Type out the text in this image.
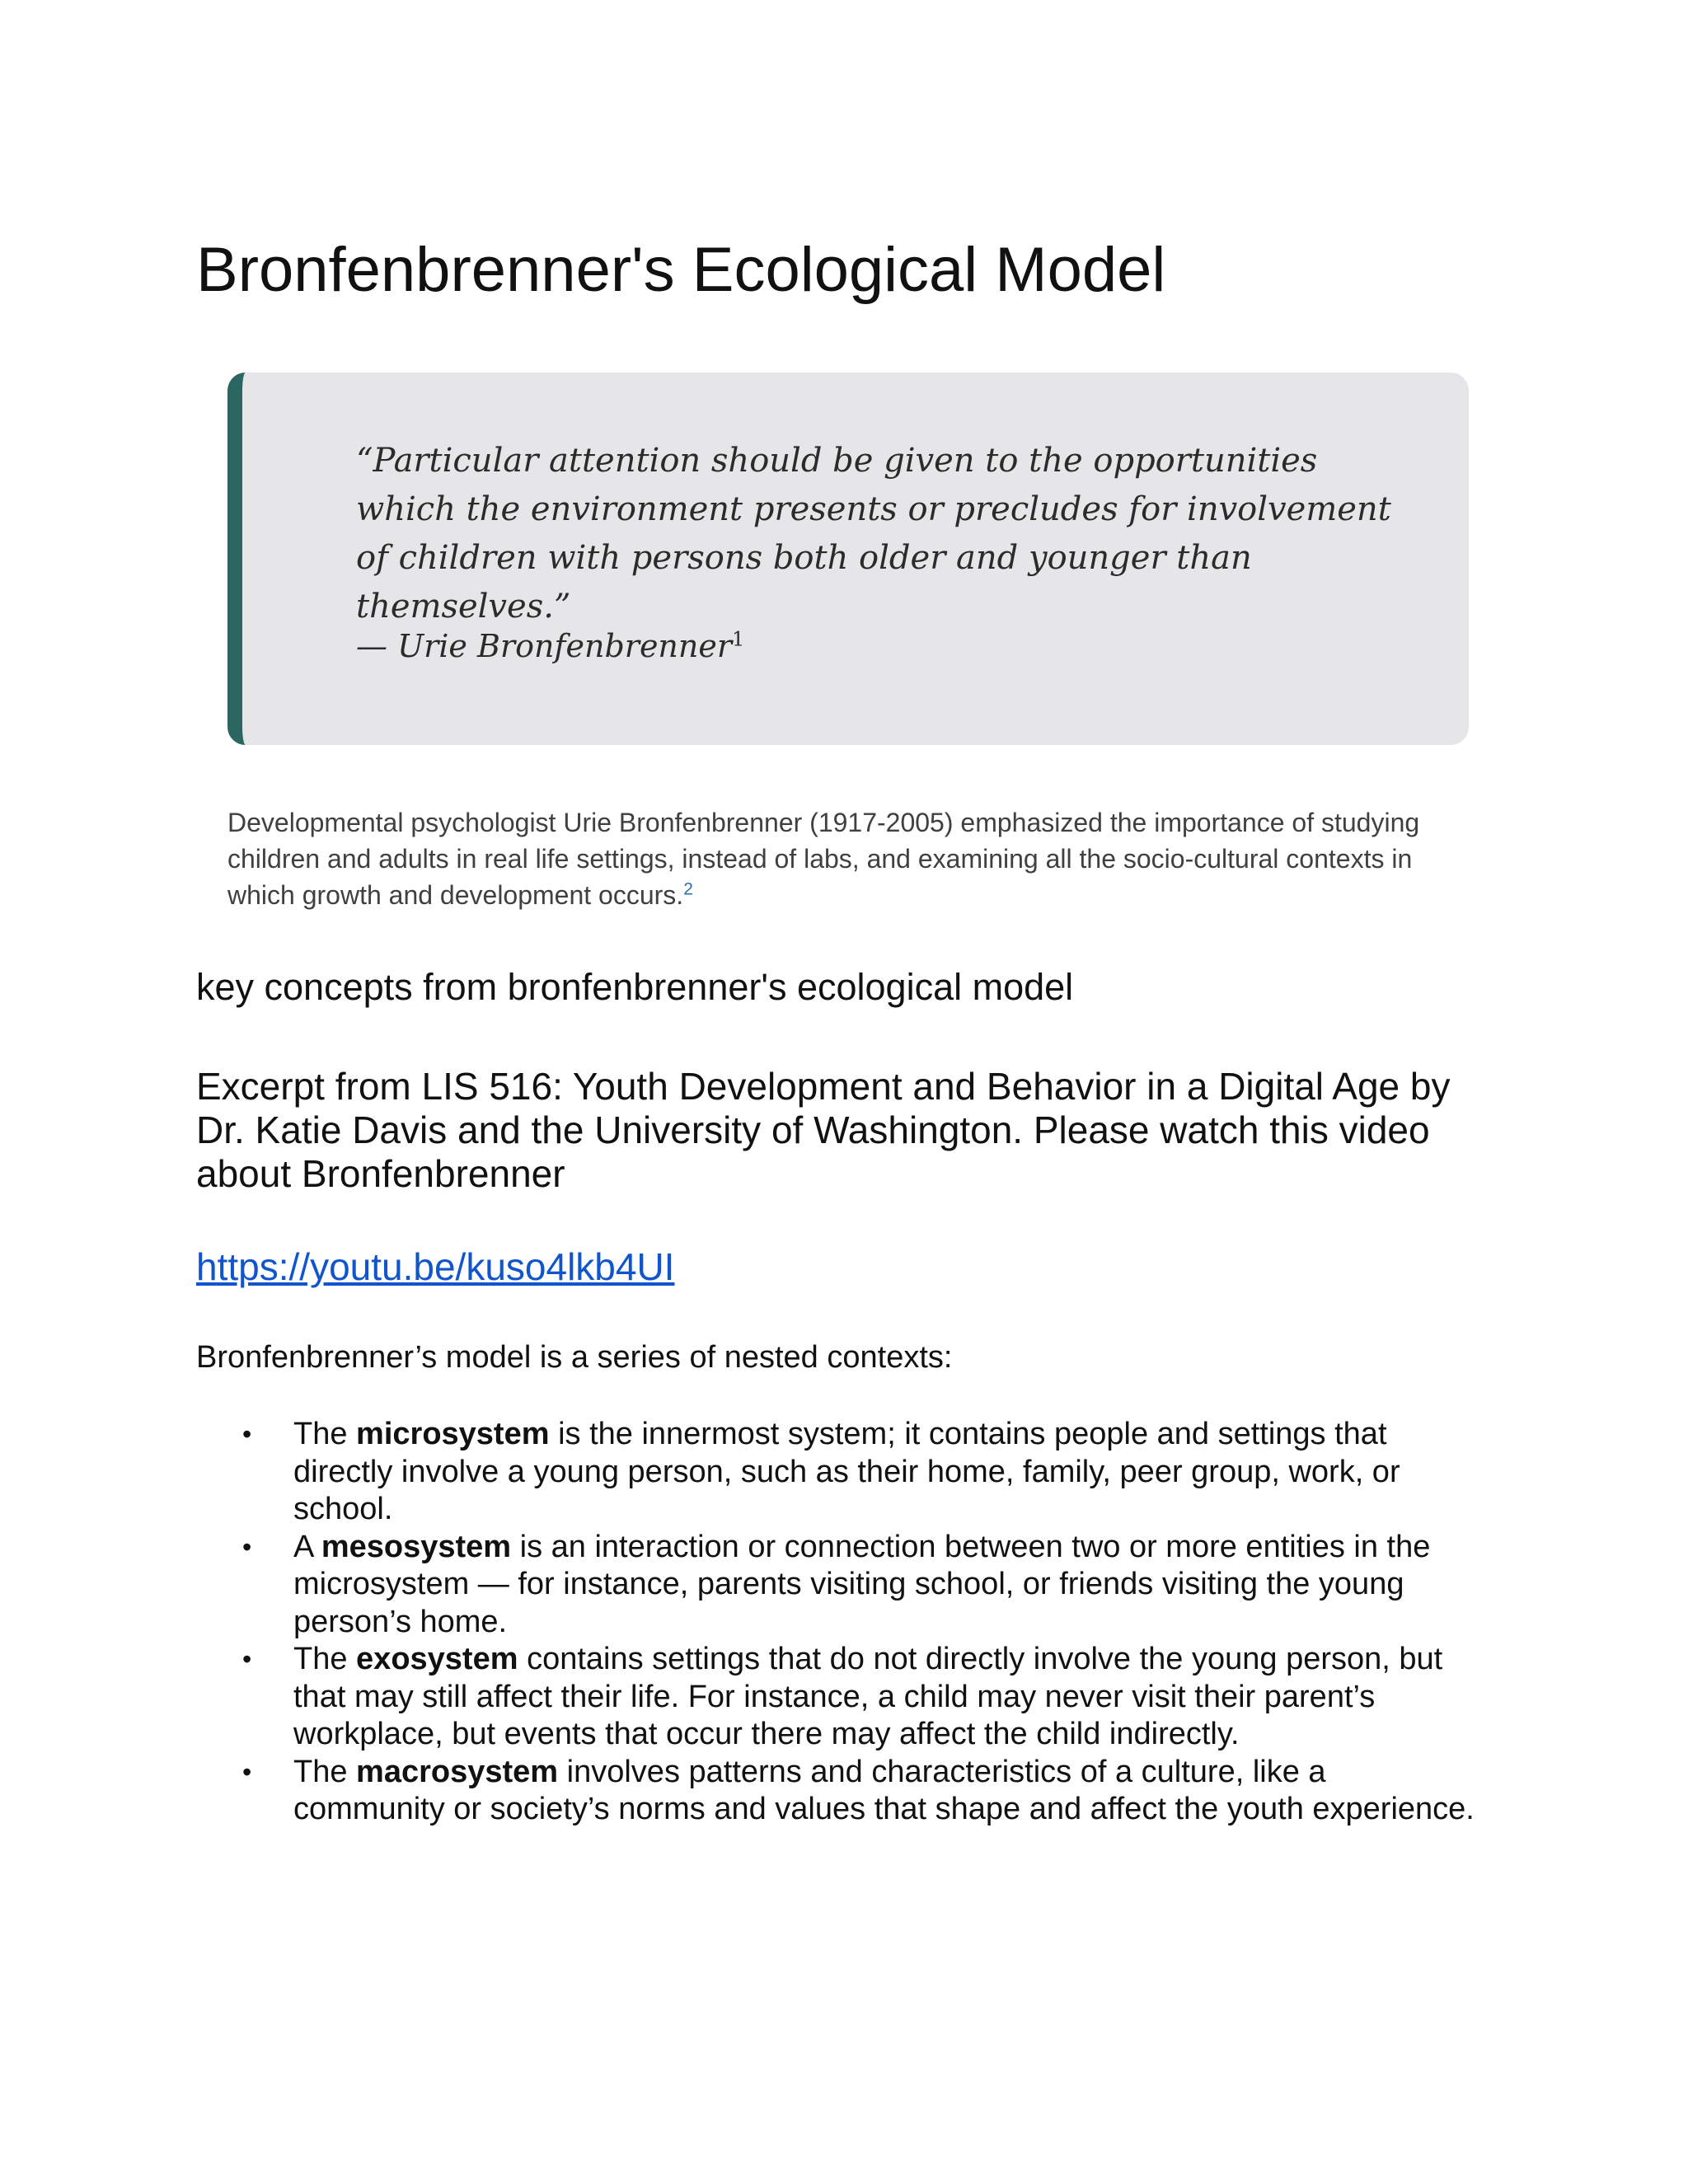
Bronfenbrenner's Ecological Model

“Particular attention should be given to the opportunities which the environment presents or precludes for involvement of children with persons both older and younger than themselves.”

— Urie Bronfenbrenner$^1$

Developmental psychologist Urie Bronfenbrenner (1917-2005) emphasized the importance of studying children and adults in real life settings, instead of labs, and examining all the socio-cultural contexts in which growth and development occurs.$^2$

key concepts from bronfenbrenner's ecological model

Excerpt from LIS 516: Youth Development and Behavior in a Digital Age by Dr. Katie Davis and the University of Washington. Please watch this video about Bronfenbrenner

https://youtu.be/kuso4lkb4UI

Bronfenbrenner’s model is a series of nested contexts:

• The microsystem is the innermost system; it contains people and settings that directly involve a young person, such as their home, family, peer group, work, or school.
• A mesosystem is an interaction or connection between two or more entities in the microsystem — for instance, parents visiting school, or friends visiting the young person’s home.
• The exosystem contains settings that do not directly involve the young person, but that may still affect their life. For instance, a child may never visit their parent’s workplace, but events that occur there may affect the child indirectly.
• The macrosystem involves patterns and characteristics of a culture, like a community or society’s norms and values that shape and affect the youth experience.
